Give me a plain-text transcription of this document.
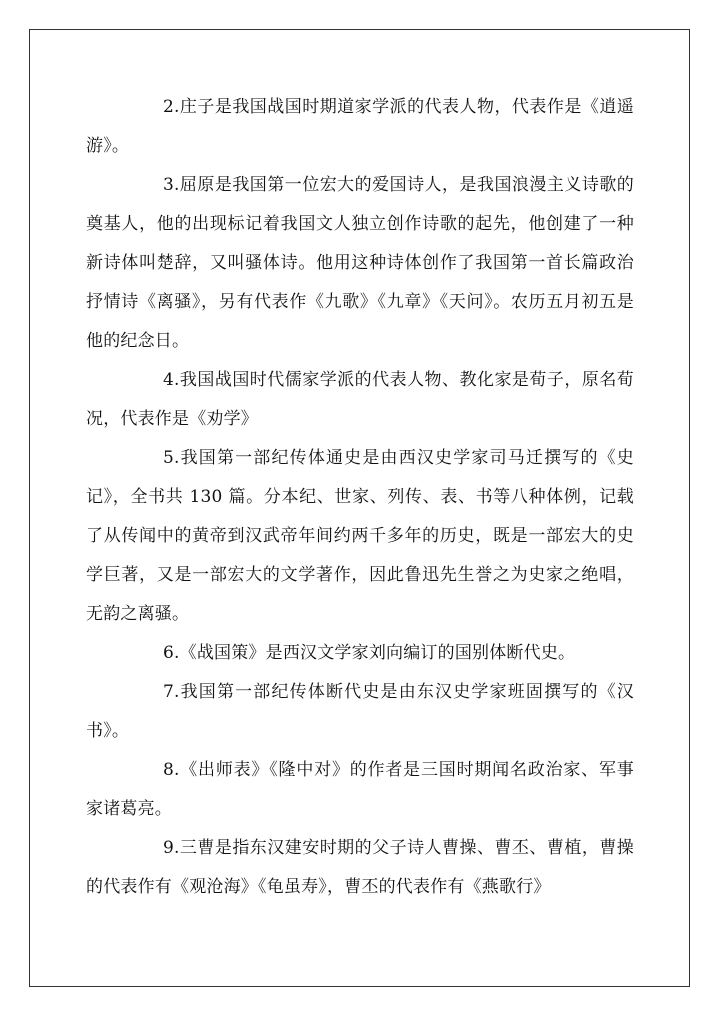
2.庄子是我国战国时期道家学派的代表人物，代表作是《逍遥游》。

3.屈原是我国第一位宏大的爱国诗人，是我国浪漫主义诗歌的奠基人，他的出现标记着我国文人独立创作诗歌的起先，他创建了一种新诗体叫楚辞，又叫骚体诗。他用这种诗体创作了我国第一首长篇政治抒情诗《离骚》，另有代表作《九歌》《九章》《天问》。农历五月初五是他的纪念日。

4.我国战国时代儒家学派的代表人物、教化家是荀子，原名荀况，代表作是《劝学》

5.我国第一部纪传体通史是由西汉史学家司马迁撰写的《史记》，全书共 130 篇。分本纪、世家、列传、表、书等八种体例，记载了从传闻中的黄帝到汉武帝年间约两千多年的历史，既是一部宏大的史学巨著，又是一部宏大的文学著作，因此鲁迅先生誉之为史家之绝唱，无韵之离骚。

6.《战国策》是西汉文学家刘向编订的国别体断代史。

7.我国第一部纪传体断代史是由东汉史学家班固撰写的《汉书》。

8.《出师表》《隆中对》的作者是三国时期闻名政治家、军事家诸葛亮。

9.三曹是指东汉建安时期的父子诗人曹操、曹丕、曹植，曹操的代表作有《观沧海》《龟虽寿》，曹丕的代表作有《燕歌行》
